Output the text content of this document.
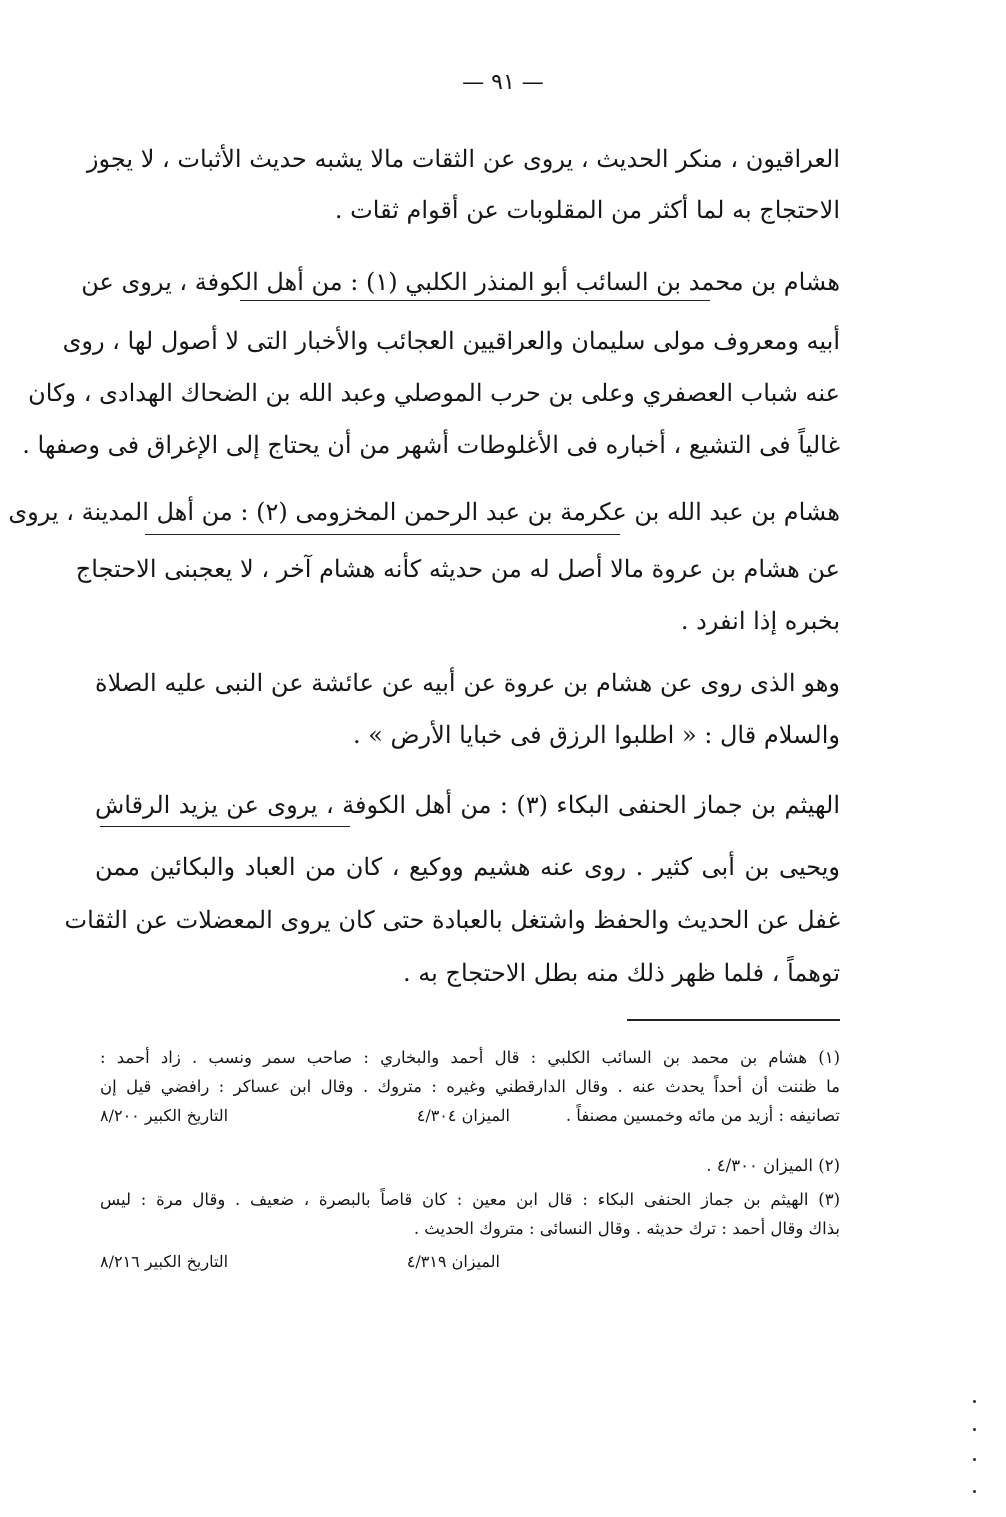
— ٩١ —
العراقيون ، منكر الحديث ، يروى عن الثقات مالا يشبه حديث الأثبات ، لا يجوز
الاحتجاج به لما أكثر من المقلوبات عن أقوام ثقات .
هشام بن محمد بن السائب أبو المنذر الكلبي (١) : من أهل الكوفة ، يروى عن
أبيه ومعروف مولى سليمان والعراقيين العجائب والأخبار التى لا أصول لها ، روى
عنه شباب العصفري وعلى بن حرب الموصلي وعبد الله بن الضحاك الهدادى ، وكان
غالياً فى التشيع ، أخباره فى الأغلوطات أشهر من أن يحتاج إلى الإغراق فى وصفها .
هشام بن عبد الله بن عكرمة بن عبد الرحمن المخزومى (٢) : من أهل المدينة ، يروى
عن هشام بن عروة مالا أصل له من حديثه كأنه هشام آخر ، لا يعجبنى الاحتجاج
بخبره إذا انفرد .
وهو الذى روى عن هشام بن عروة عن أبيه عن عائشة عن النبى عليه الصلاة
والسلام قال : « اطلبوا الرزق فى خبايا الأرض » .
الهيثم بن جماز الحنفى البكاء (٣) : من أهل الكوفة ، يروى عن يزيد الرقاش
ويحيى بن أبى كثير . روى عنه هشيم ووكيع ، كان من العباد والبكائين ممن
غفل عن الحديث والحفظ واشتغل بالعبادة حتى كان يروى المعضلات عن الثقات
توهماً ، فلما ظهر ذلك منه بطل الاحتجاج به .
(١) هشام بن محمد بن السائب الكلبي : قال أحمد والبخاري : صاحب سمر ونسب . زاد أحمد :
ما ظننت أن أحداً يحدث عنه . وقال الدارقطني وغيره : متروك . وقال ابن عساكر : رافضي قيل إن
تصانيفه : أزيد من مائه وخمسين مصنفاً .
الميزان ٤/٣٠٤
التاريخ الكبير ٨/٢٠٠
(٢) الميزان ٤/٣٠٠ .
(٣) الهيثم بن جماز الحنفى البكاء : قال ابن معين : كان قاصاً بالبصرة ، ضعيف . وقال مرة : ليس
بذاك وقال أحمد : ترك حديثه . وقال النسائى : متروك الحديث .
الميزان ٤/٣١٩
التاريخ الكبير ٨/٢١٦
